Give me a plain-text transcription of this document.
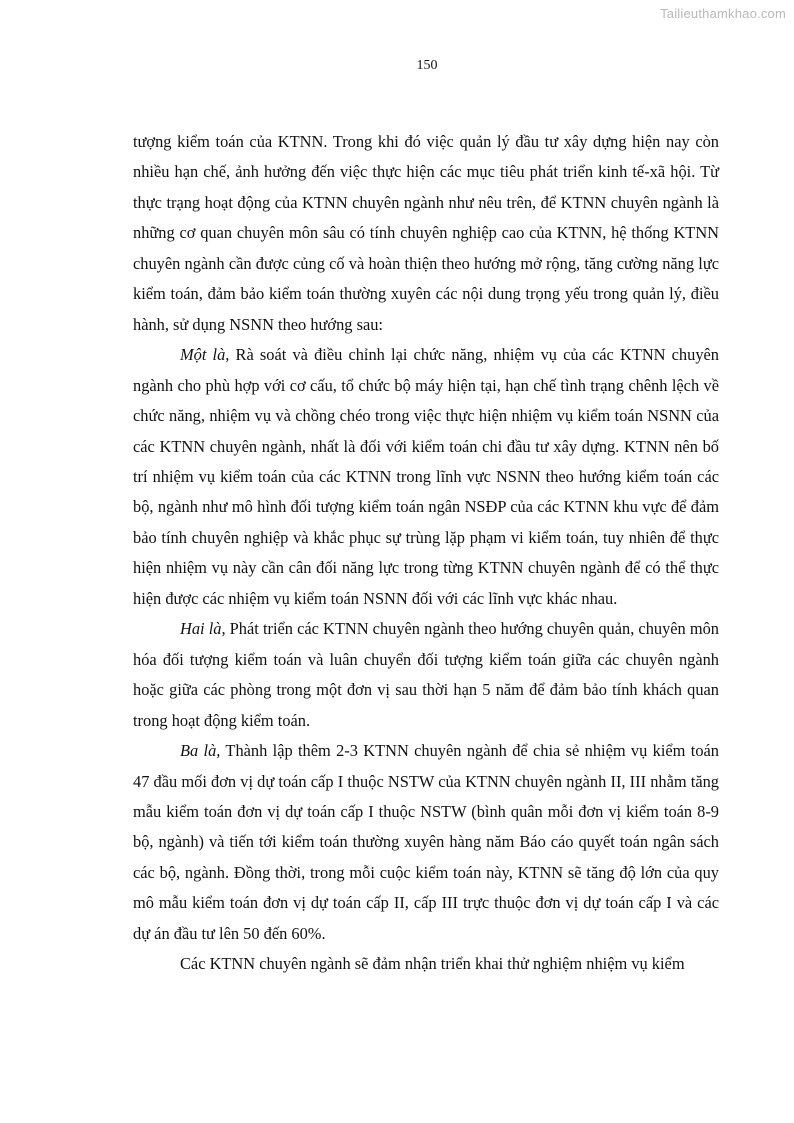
Tailieuthamkhao.com
150

tượng kiểm toán của KTNN. Trong khi đó việc quản lý đầu tư xây dựng hiện nay còn nhiều hạn chế, ảnh hưởng đến việc thực hiện các mục tiêu phát triển kinh tế-xã hội. Từ thực trạng hoạt động của KTNN chuyên ngành như nêu trên, để KTNN chuyên ngành là những cơ quan chuyên môn sâu có tính chuyên nghiệp cao của KTNN, hệ thống KTNN chuyên ngành cần được củng cố và hoàn thiện theo hướng mở rộng, tăng cường năng lực kiểm toán, đảm bảo kiểm toán thường xuyên các nội dung trọng yếu trong quản lý, điều hành, sử dụng NSNN theo hướng sau:

Một là, Rà soát và điều chỉnh lại chức năng, nhiệm vụ của các KTNN chuyên ngành cho phù hợp với cơ cấu, tổ chức bộ máy hiện tại, hạn chế tình trạng chênh lệch về chức năng, nhiệm vụ và chồng chéo trong việc thực hiện nhiệm vụ kiểm toán NSNN của các KTNN chuyên ngành, nhất là đối với kiểm toán chi đầu tư xây dựng. KTNN nên bố trí nhiệm vụ kiểm toán của các KTNN trong lĩnh vực NSNN theo hướng kiểm toán các bộ, ngành như mô hình đối tượng kiểm toán ngân NSĐP của các KTNN khu vực để đảm bảo tính chuyên nghiệp và khắc phục sự trùng lặp phạm vi kiểm toán, tuy nhiên để thực hiện nhiệm vụ này cần cân đối năng lực trong từng KTNN chuyên ngành để có thể thực hiện được các nhiệm vụ kiểm toán NSNN đối với các lĩnh vực khác nhau.

Hai là, Phát triển các KTNN chuyên ngành theo hướng chuyên quản, chuyên môn hóa đối tượng kiểm toán và luân chuyển đối tượng kiểm toán giữa các chuyên ngành hoặc giữa các phòng trong một đơn vị sau thời hạn 5 năm để đảm bảo tính khách quan trong hoạt động kiểm toán.

Ba là, Thành lập thêm 2-3 KTNN chuyên ngành để chia sẻ nhiệm vụ kiểm toán 47 đầu mối đơn vị dự toán cấp I thuộc NSTW của KTNN chuyên ngành II, III nhằm tăng mẫu kiểm toán đơn vị dự toán cấp I thuộc NSTW (bình quân mỗi đơn vị kiểm toán 8-9 bộ, ngành) và tiến tới kiểm toán thường xuyên hàng năm Báo cáo quyết toán ngân sách các bộ, ngành. Đồng thời, trong mỗi cuộc kiểm toán này, KTNN sẽ tăng độ lớn của quy mô mẫu kiểm toán đơn vị dự toán cấp II, cấp III trực thuộc đơn vị dự toán cấp I và các dự án đầu tư lên 50 đến 60%.

Các KTNN chuyên ngành sẽ đảm nhận triển khai thử nghiệm nhiệm vụ kiểm
